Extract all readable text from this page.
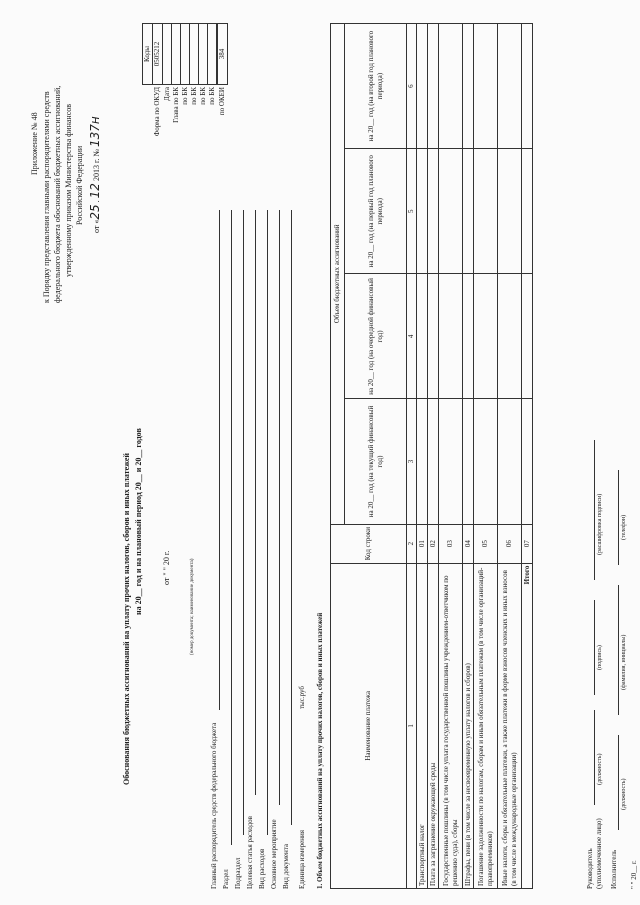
Приложение № 48 к Порядку представления главными распорядителями средств федерального бюджета обоснований бюджетных ассигнований, утвержденному приказом Министерства финансов Российской Федерации
от «25 . 12 2013 г. № 137н
Обоснования бюджетных ассигнований на уплату прочих налогов, сборов и иных платежей на 20__ год и на плановый период 20__ и 20__ годов от " " 20 г.	(номер документа; наименование документа)
	Коды
Форма по ОКУД	0505212
Дата	
Глава по БК	
по БК	
по БК	
по БК	
по БК	

по ОКЕИ	384
Главный распорядитель средств федерального бюджета Раздел Подраздел Целевая статья расходов Вид расходов Основное мероприятие Вид документа Единица измерения
тыс.руб 1. Объем бюджетных ассигнований на уплату прочих налогов, сборов и иных платежей	Наименование платежа	Код строки	Объем бюджетных ассигнований			
		на 20__ год (на текущий финансовый год)	на 20__ год (на очередной финансовый год)	на 20__ год (на первый год планового периода)	на 20__ год (на второй год планового периода)
1	2	3	4	5	6
Транспортный налог	01				
Плата за загрязнение окружающей среды	02				
Государственные пошлины (в том числе уплата государственной пошлины учреждением-ответчиком по решению суда), сборы	03				
Штрафы, пени (в том числе за несвоевременную уплату налогов и сборов)	04				
Погашение задолженности по налогам, сборам и иным обязательным платежам (в том числе организаций-правопреемников)	05				
Иные налоги, сборы и обязательные платежи, а также платежи в форме взносов членских и иных взносов (в том числе в международные организации)	06				
Итого	07				
Руководитель (уполномоченное лицо)
(должность)
(подпись)
(расшифровка подписи)
Исполнитель
(должность)
(фамилия, инициалы)
(телефон)
" " 20__ г.
